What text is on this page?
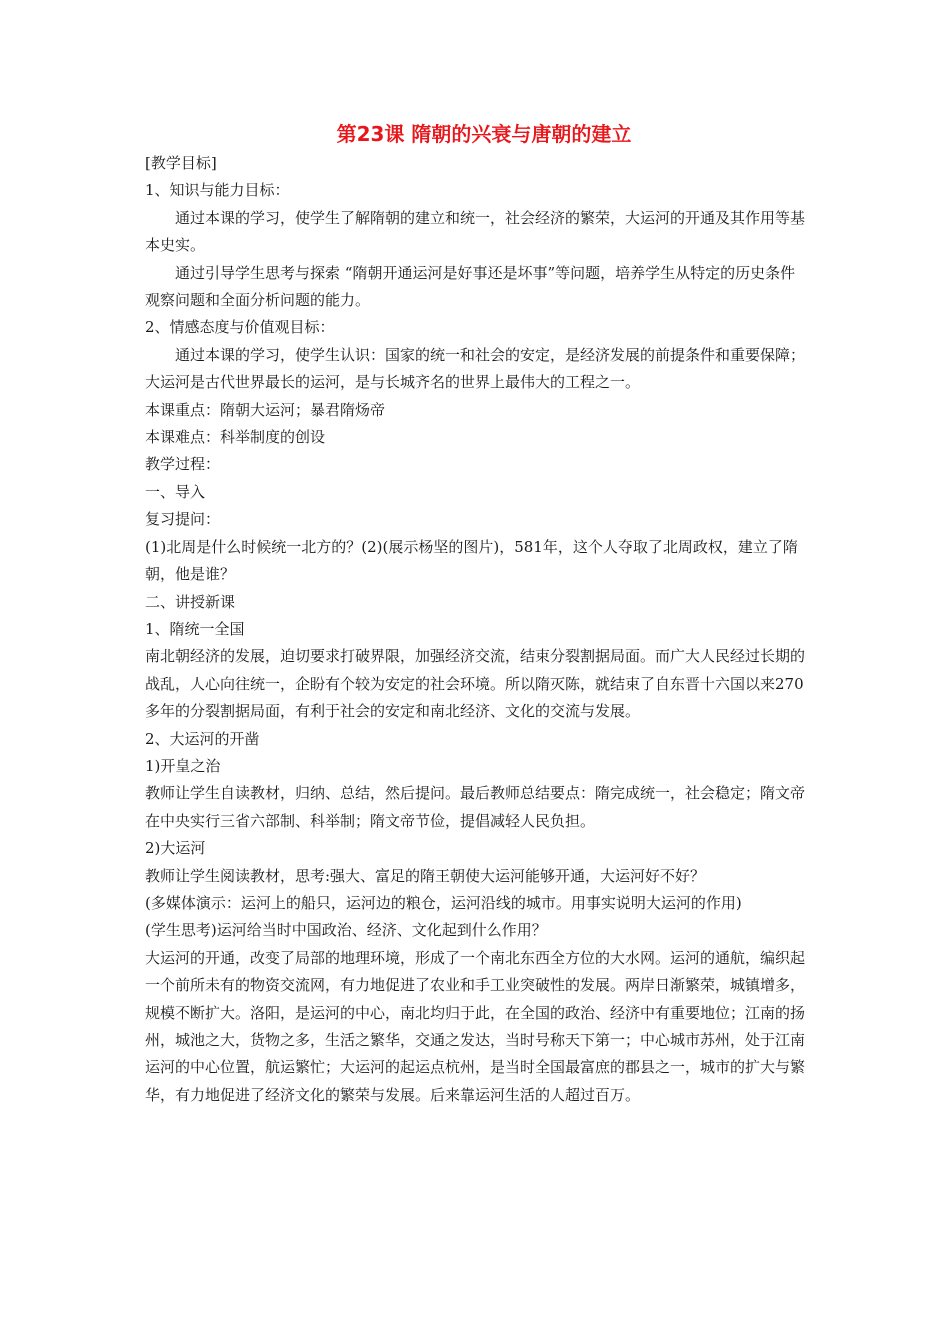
第23课 隋朝的兴衰与唐朝的建立

[教学目标]

1、知识与能力目标：

通过本课的学习，使学生了解隋朝的建立和统一，社会经济的繁荣，大运河的开通及其作用等基本史实。

通过引导学生思考与探索 “隋朝开通运河是好事还是坏事”等问题，培养学生从特定的历史条件观察问题和全面分析问题的能力。

2、情感态度与价值观目标：

通过本课的学习，使学生认识：国家的统一和社会的安定，是经济发展的前提条件和重要保障；大运河是古代世界最长的运河，是与长城齐名的世界上最伟大的工程之一。

本课重点：隋朝大运河；暴君隋炀帝

本课难点：科举制度的创设

教学过程：

一、导入

复习提问：

(1)北周是什么时候统一北方的？(2)(展示杨坚的图片)，581年，这个人夺取了北周政权，建立了隋朝，他是谁？

二、讲授新课

1、隋统一全国

南北朝经济的发展，迫切要求打破界限，加强经济交流，结束分裂割据局面。而广大人民经过长期的战乱，人心向往统一，企盼有个较为安定的社会环境。所以隋灭陈，就结束了自东晋十六国以来270多年的分裂割据局面，有利于社会的安定和南北经济、文化的交流与发展。

2、大运河的开凿

1)开皇之治

教师让学生自读教材，归纳、总结，然后提问。最后教师总结要点：隋完成统一，社会稳定；隋文帝在中央实行三省六部制、科举制；隋文帝节俭，提倡减轻人民负担。

2)大运河

教师让学生阅读教材，思考:强大、富足的隋王朝使大运河能够开通，大运河好不好？

(多媒体演示：运河上的船只，运河边的粮仓，运河沿线的城市。用事实说明大运河的作用)

(学生思考)运河给当时中国政治、经济、文化起到什么作用？

大运河的开通，改变了局部的地理环境，形成了一个南北东西全方位的大水网。运河的通航，编织起一个前所未有的物资交流网，有力地促进了农业和手工业突破性的发展。两岸日渐繁荣，城镇增多，规模不断扩大。洛阳，是运河的中心，南北均归于此，在全国的政治、经济中有重要地位；江南的扬州，城池之大，货物之多，生活之繁华，交通之发达，当时号称天下第一；中心城市苏州，处于江南运河的中心位置，航运繁忙；大运河的起运点杭州，是当时全国最富庶的郡县之一，城市的扩大与繁华，有力地促进了经济文化的繁荣与发展。后来靠运河生活的人超过百万。
